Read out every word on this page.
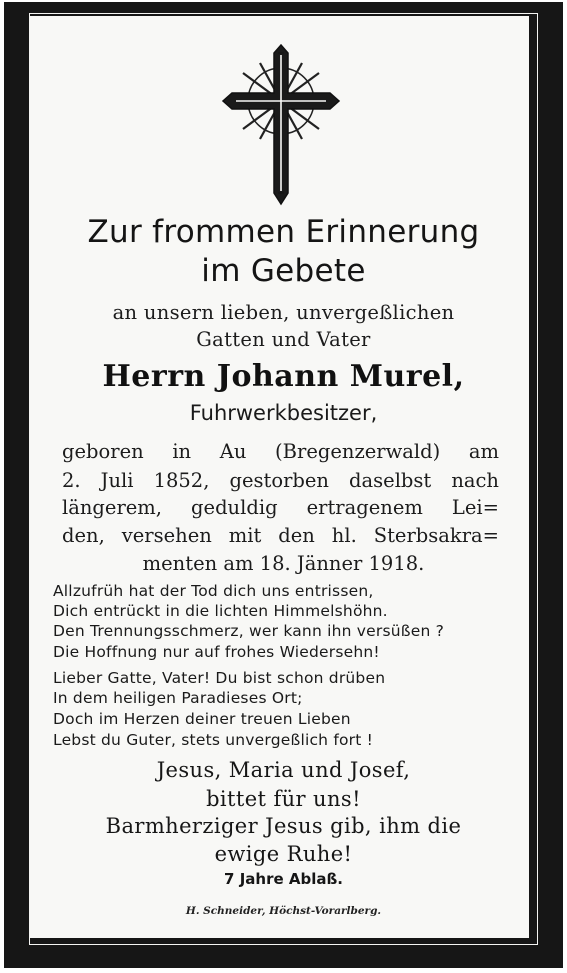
Zur frommen Erinnerung

im Gebete

an unsern lieben, unvergeßlichen

Gatten und Vater

Herrn Johann Murel,

Fuhrwerkbesitzer,

geboren in Au (Bregenzerwald) am

2. Juli 1852, gestorben daselbst nach

längerem, geduldig ertragenem Lei=

den, versehen mit den hl. Sterbsakra=

menten am 18. Jänner 1918.

Allzufrüh hat der Tod dich uns entrissen,

Dich entrückt in die lichten Himmelshöhn.

Den Trennungsschmerz, wer kann ihn versüßen ?

Die Hoffnung nur auf frohes Wiedersehn!

Lieber Gatte, Vater! Du bist schon drüben

In dem heiligen Paradieses Ort;

Doch im Herzen deiner treuen Lieben

Lebst du Guter, stets unvergeßlich fort !

Jesus, Maria und Josef,

bittet für uns!

Barmherziger Jesus gib, ihm die

ewige Ruhe!

7 Jahre Ablaß.

H. Schneider, Höchst-Vorarlberg.
